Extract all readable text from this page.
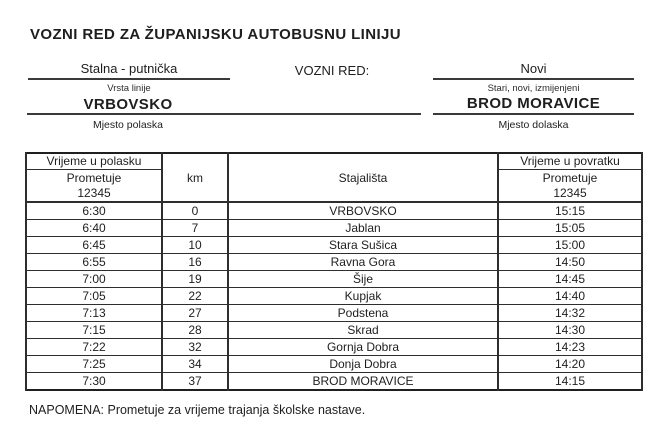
VOZNI RED ZA ŽUPANIJSKU AUTOBUSNU LINIJU
Stalna - putnička
Vrsta linije
VOZNI RED:	Novi
Stari, novi, izmijenjeni
VRBOVSKO	BROD MORAVICE
Mjesto polaska	Mjesto dolaska
Vrijeme u polasku
Prometuje
12345
	km	Stajališta	
Vrijeme u povratku
Prometuje
12345

6:30	0	VRBOVSKO	15:15
6:40	7	Jablan	15:05
6:45	10	Stara Sušica	15:00
6:55	16	Ravna Gora	14:50
7:00	19	Šije	14:45
7:05	22	Kupjak	14:40
7:13	27	Podstena	14:32
7:15	28	Skrad	14:30
7:22	32	Gornja Dobra	14:23
7:25	34	Donja Dobra	14:20
7:30	37	BROD MORAVICE	14:15
NAPOMENA: Prometuje za vrijeme trajanja školske nastave.
